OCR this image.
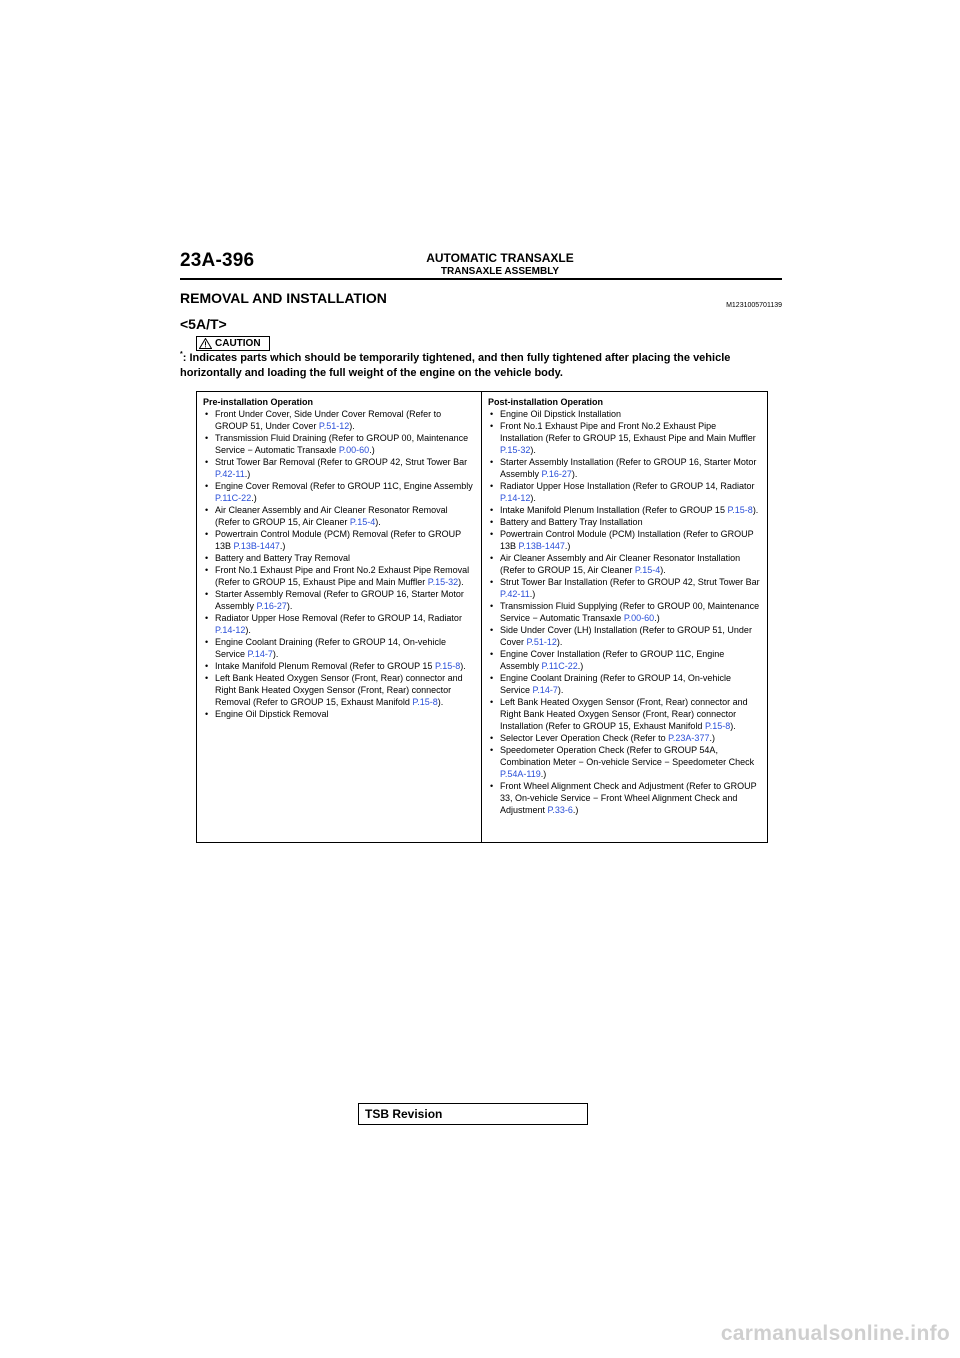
23A-396	AUTOMATIC TRANSAXLE
TRANSAXLE ASSEMBLY
REMOVAL AND INSTALLATION	M1231005701139
<5A/T>
CAUTION
*: Indicates parts which should be temporarily tightened, and then fully tightened after placing the vehicle horizontally and loading the full weight of the engine on the vehicle body.
Pre-installation Operation
• Front Under Cover, Side Under Cover Removal (Refer to GROUP 51, Under Cover P.51-12).
• Transmission Fluid Draining (Refer to GROUP 00, Maintenance Service − Automatic Transaxle P.00-60.)
• Strut Tower Bar Removal (Refer to GROUP 42, Strut Tower Bar P.42-11.)
• Engine Cover Removal (Refer to GROUP 11C, Engine Assembly P.11C-22.)
• Air Cleaner Assembly and Air Cleaner Resonator Removal (Refer to GROUP 15, Air Cleaner P.15-4).
• Powertrain Control Module (PCM) Removal (Refer to GROUP 13B P.13B-1447.)
• Battery and Battery Tray Removal
• Front No.1 Exhaust Pipe and Front No.2 Exhaust Pipe Removal (Refer to GROUP 15, Exhaust Pipe and Main Muffler P.15-32).
• Starter Assembly Removal (Refer to GROUP 16, Starter Motor Assembly P.16-27).
• Radiator Upper Hose Removal (Refer to GROUP 14, Radiator P.14-12).
• Engine Coolant Draining (Refer to GROUP 14, On-vehicle Service P.14-7).
• Intake Manifold Plenum Removal (Refer to GROUP 15 P.15-8).
• Left Bank Heated Oxygen Sensor (Front, Rear) connector and Right Bank Heated Oxygen Sensor (Front, Rear) connector Removal (Refer to GROUP 15, Exhaust Manifold P.15-8).
• Engine Oil Dipstick Removal
Post-installation Operation
• Engine Oil Dipstick Installation
• Front No.1 Exhaust Pipe and Front No.2 Exhaust Pipe Installation (Refer to GROUP 15, Exhaust Pipe and Main Muffler P.15-32).
• Starter Assembly Installation (Refer to GROUP 16, Starter Motor Assembly P.16-27).
• Radiator Upper Hose Installation (Refer to GROUP 14, Radiator P.14-12).
• Intake Manifold Plenum Installation (Refer to GROUP 15 P.15-8).
• Battery and Battery Tray Installation
• Powertrain Control Module (PCM) Installation (Refer to GROUP 13B P.13B-1447.)
• Air Cleaner Assembly and Air Cleaner Resonator Installation (Refer to GROUP 15, Air Cleaner P.15-4).
• Strut Tower Bar Installation (Refer to GROUP 42, Strut Tower Bar P.42-11.)
• Transmission Fluid Supplying (Refer to GROUP 00, Maintenance Service − Automatic Transaxle P.00-60.)
• Side Under Cover (LH) Installation (Refer to GROUP 51, Under Cover P.51-12).
• Engine Cover Installation (Refer to GROUP 11C, Engine Assembly P.11C-22.)
• Engine Coolant Draining (Refer to GROUP 14, On-vehicle Service P.14-7).
• Left Bank Heated Oxygen Sensor (Front, Rear) connector and Right Bank Heated Oxygen Sensor (Front, Rear) connector Installation (Refer to GROUP 15, Exhaust Manifold P.15-8).
• Selector Lever Operation Check (Refer to P.23A-377.)
• Speedometer Operation Check (Refer to GROUP 54A, Combination Meter − On-vehicle Service − Speedometer Check P.54A-119.)
• Front Wheel Alignment Check and Adjustment (Refer to GROUP 33, On-vehicle Service − Front Wheel Alignment Check and Adjustment P.33-6.)
TSB Revision
carmanualsonline.info
